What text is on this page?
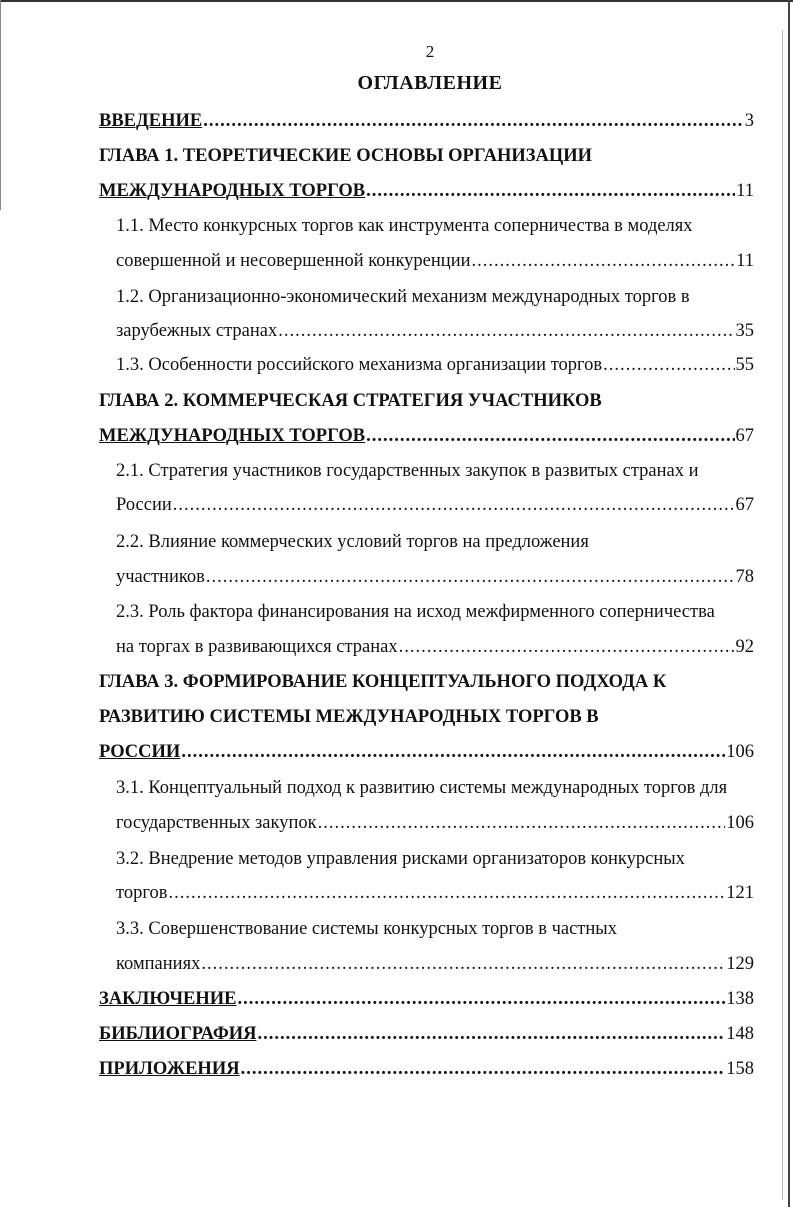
2
ОГЛАВЛЕНИЕ
ВВЕДЕНИЕ .....	3
ГЛАВА 1. ТЕОРЕТИЧЕСКИЕ ОСНОВЫ ОРГАНИЗАЦИИ
МЕЖДУНАРОДНЫХ ТОРГОВ .....	11
1.1. Место конкурсных торгов как инструмента соперничества в моделях
совершенной и несовершенной конкуренции .....	11
1.2. Организационно-экономический механизм международных торгов в
зарубежных странах .....	35
1.3. Особенности российского механизма организации торгов .....	55
ГЛАВА 2. КОММЕРЧЕСКАЯ СТРАТЕГИЯ УЧАСТНИКОВ
МЕЖДУНАРОДНЫХ ТОРГОВ .....	67
2.1. Стратегия участников государственных закупок в развитых странах и
России .....	67
2.2. Влияние коммерческих условий торгов на предложения
участников .....	78
2.3. Роль фактора финансирования на исход межфирменного соперничества
на торгах в развивающихся странах .....	92
ГЛАВА 3. ФОРМИРОВАНИЕ КОНЦЕПТУАЛЬНОГО ПОДХОДА К
РАЗВИТИЮ СИСТЕМЫ МЕЖДУНАРОДНЫХ ТОРГОВ В
РОССИИ .....	106
3.1. Концептуальный подход к развитию системы международных торгов для
государственных закупок .....	106
3.2. Внедрение методов управления рисками организаторов конкурсных
торгов .....	121
3.3. Совершенствование системы конкурсных торгов в частных
компаниях .....	129
ЗАКЛЮЧЕНИЕ .....	138
БИБЛИОГРАФИЯ .....	148
ПРИЛОЖЕНИЯ .....	158
